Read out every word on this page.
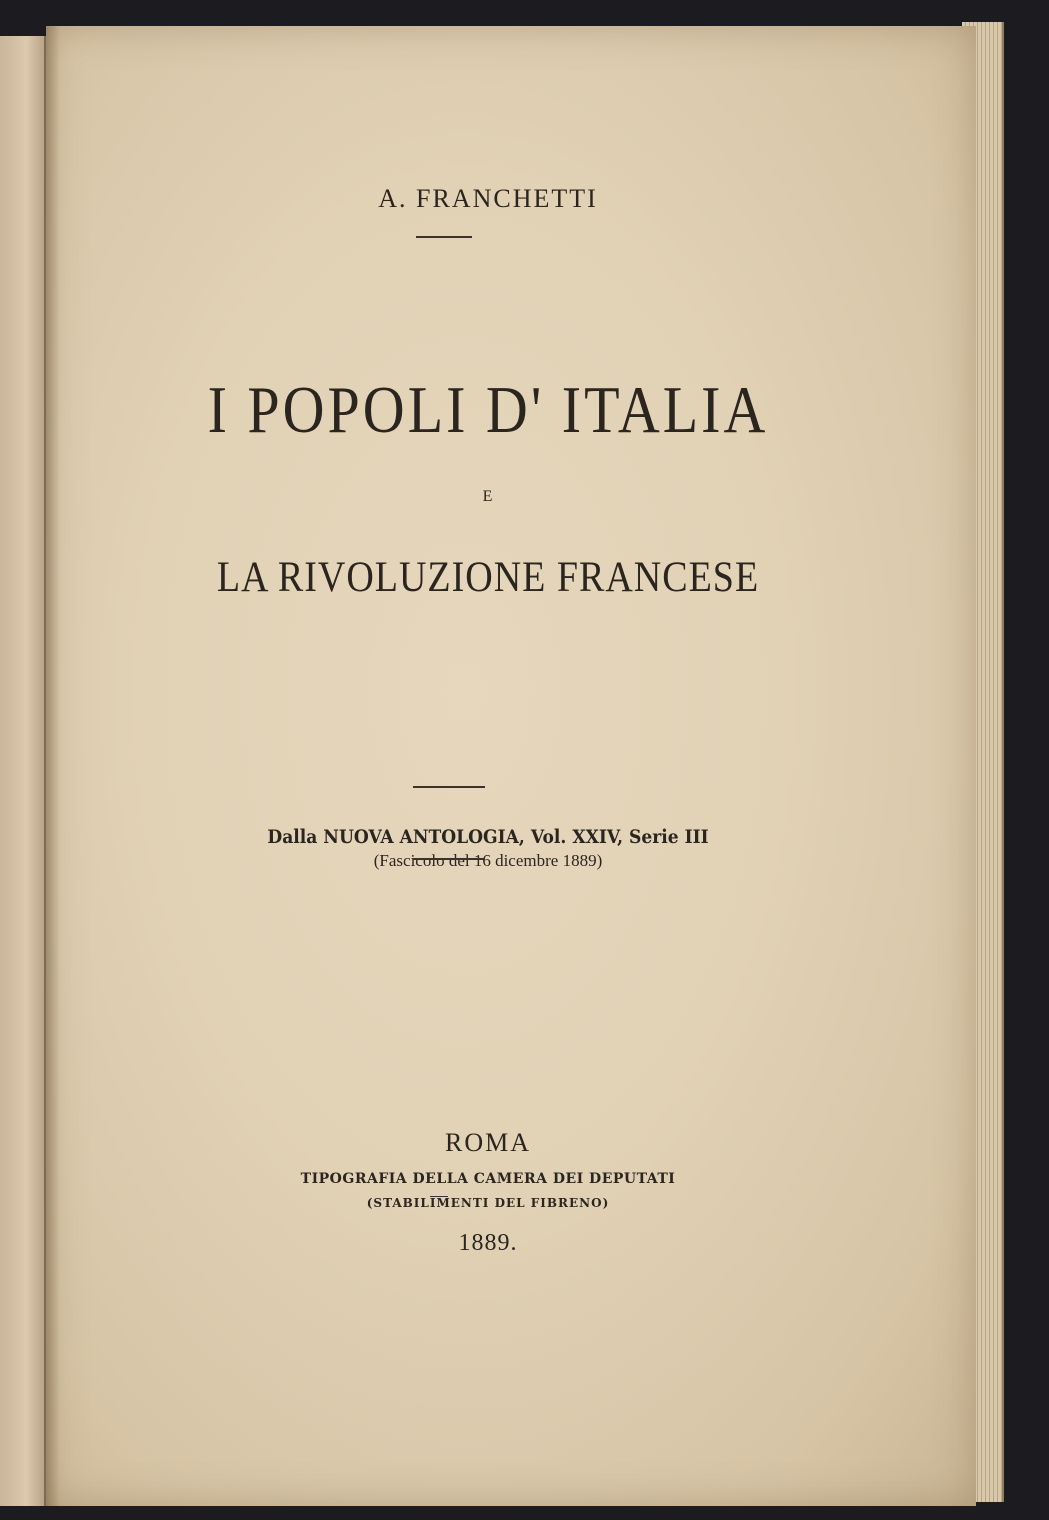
A. FRANCHETTI
I POPOLI D' ITALIA
E
LA RIVOLUZIONE FRANCESE
Dalla NUOVA ANTOLOGIA, Vol. XXIV, Serie III
(Fascicolo del 16 dicembre 1889)
ROMA
TIPOGRAFIA DELLA CAMERA DEI DEPUTATI
(STABILIMENTI DEL FIBRENO)
1889.
